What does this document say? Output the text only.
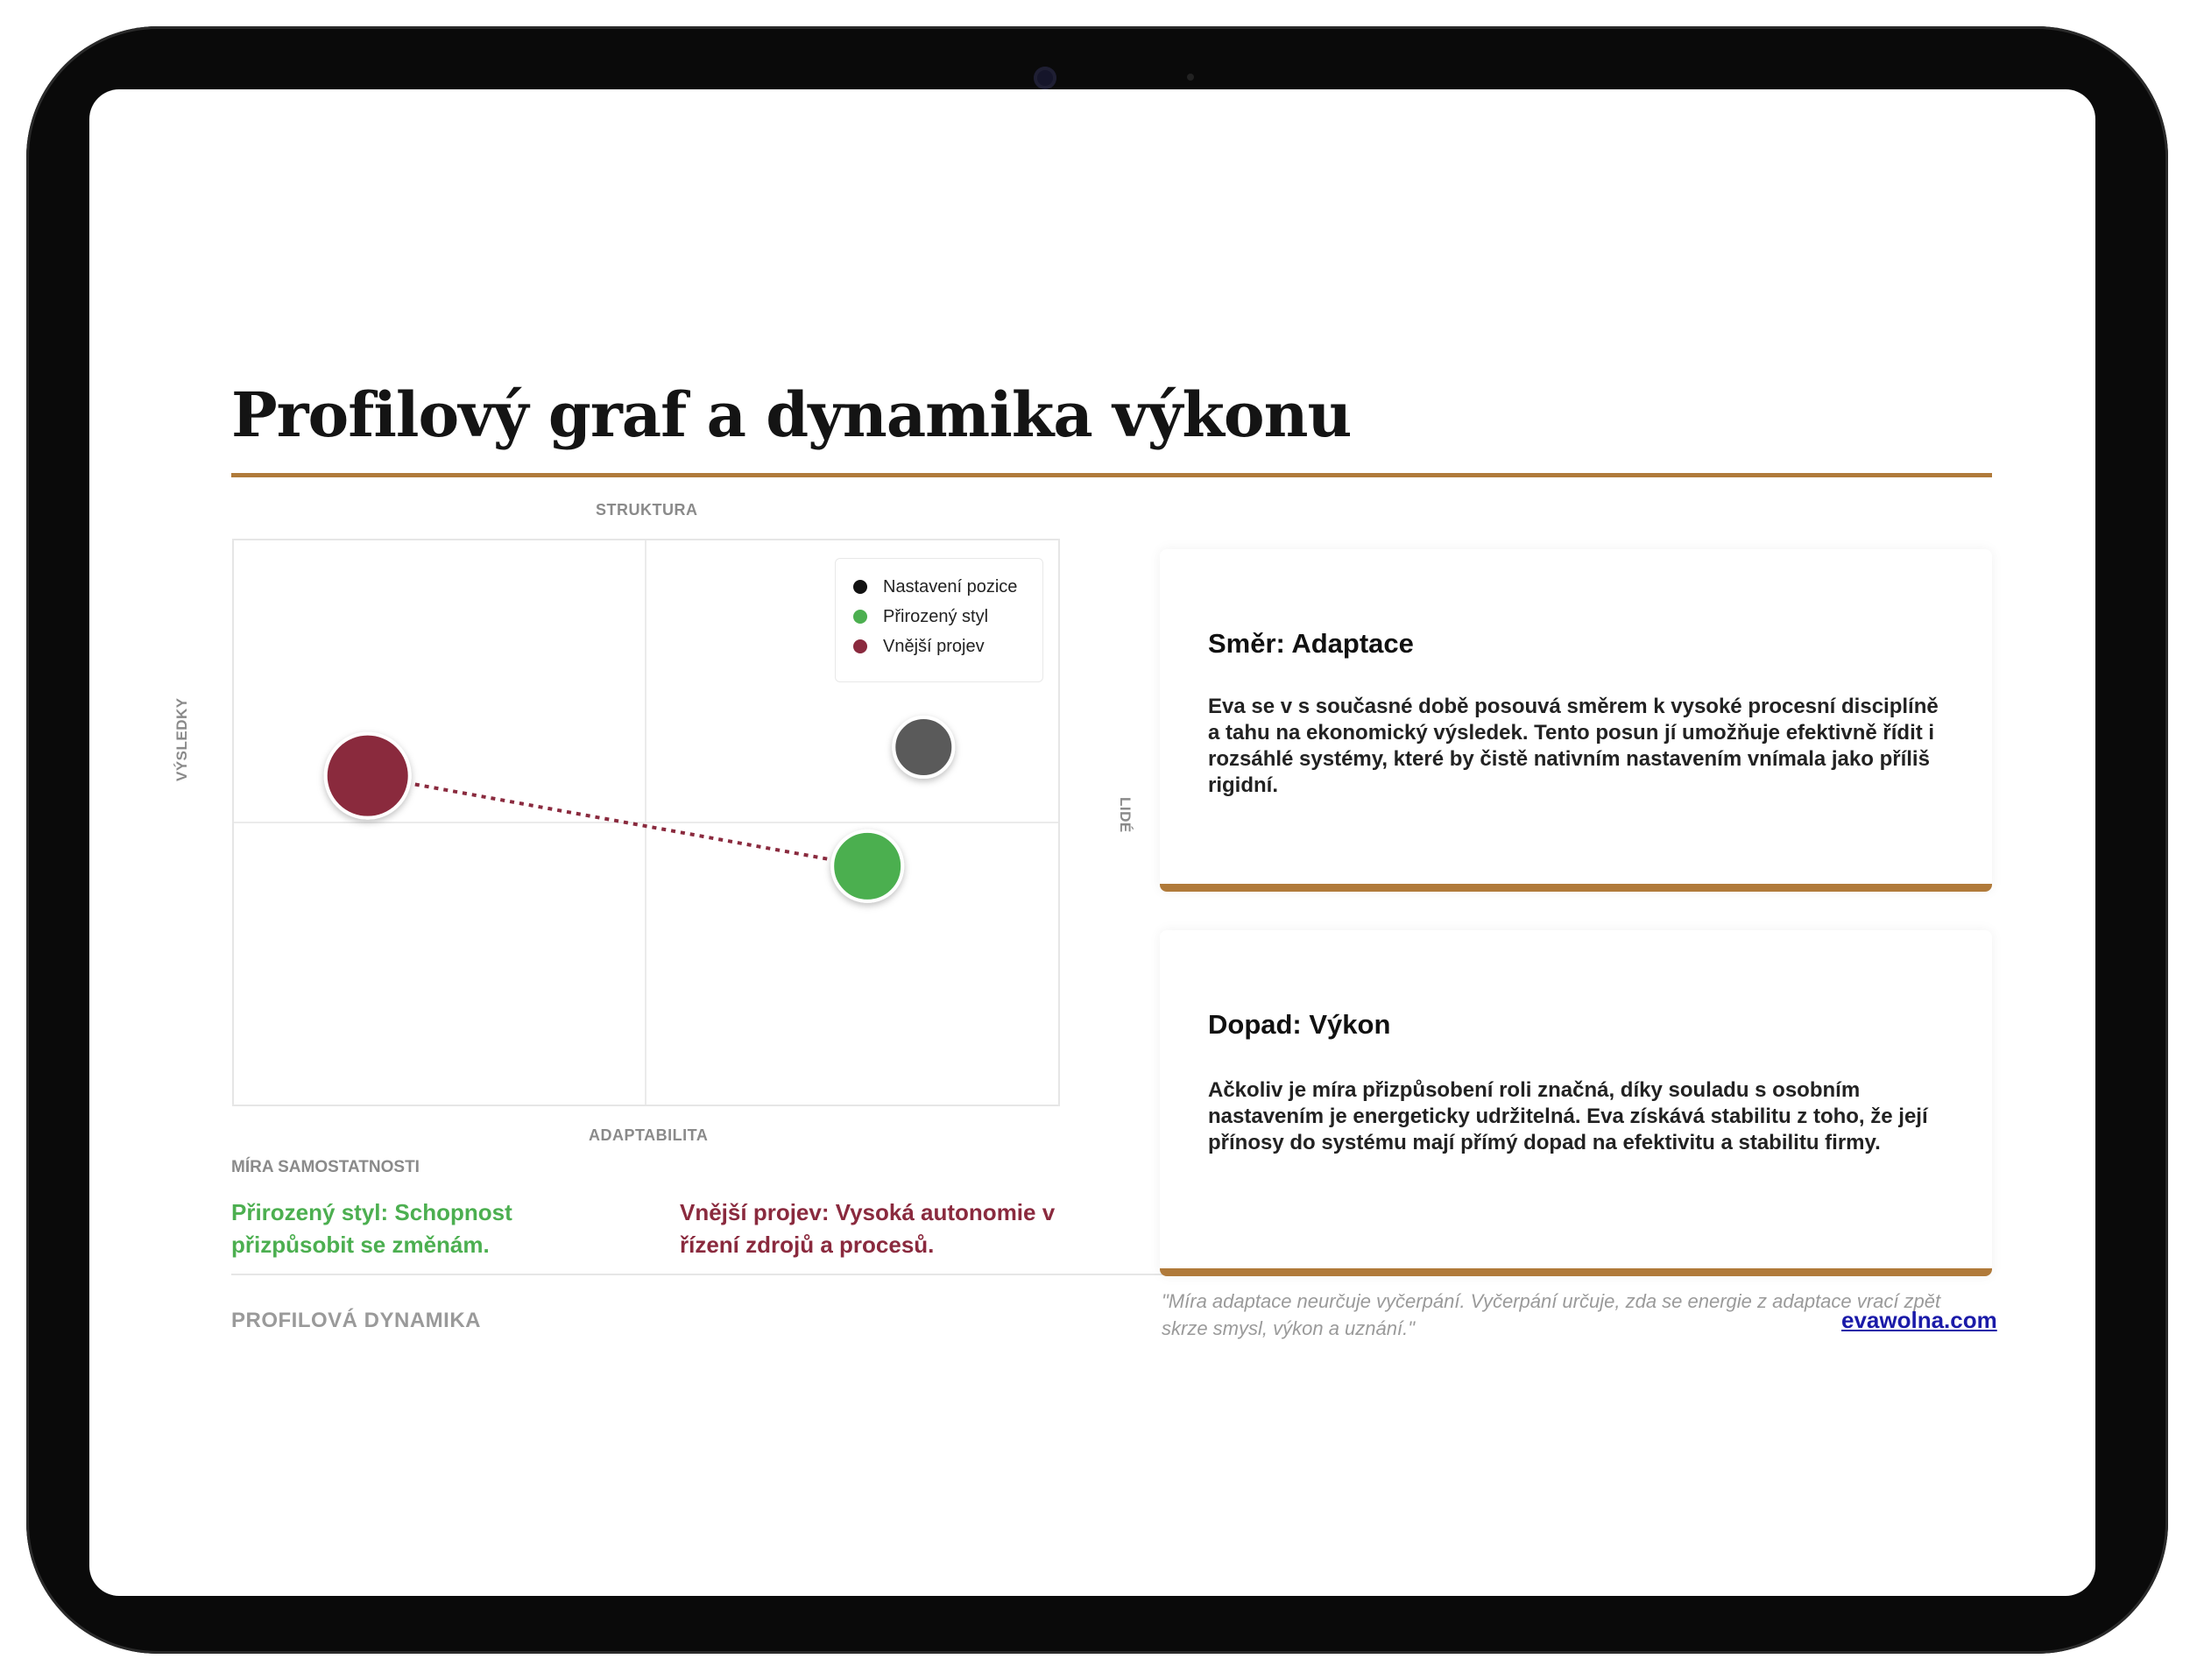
Profilový graf a dynamika výkonu
STRUKTURA
VÝSLEDKY
LIDÉ
Nastavení pozice
Přirozený styl
Vnější projev
ADAPTABILITA
MÍRA SAMOSTATNOSTI
Přirozený styl: Schopnost přizpůsobit se změnám.
Vnější projev: Vysoká autonomie v řízení zdrojů a procesů.
PROFILOVÁ DYNAMIKA
Směr: Adaptace
Eva se v s současné době posouvá směrem k vysoké procesní disciplíně a tahu na ekonomický výsledek. Tento posun jí umožňuje efektivně řídit i rozsáhlé systémy, které by čistě nativním nastavením vnímala jako příliš rigidní.
Dopad: Výkon
Ačkoliv je míra přizpůsobení roli značná, díky souladu s osobním nastavením je energeticky udržitelná. Eva získává stabilitu z toho, že její přínosy do systému mají přímý dopad na efektivitu a stabilitu firmy.
"Míra adaptace neurčuje vyčerpání. Vyčerpání určuje, zda se energie z adaptace vrací zpět skrze smysl, výkon a uznání."	evawolna.com
